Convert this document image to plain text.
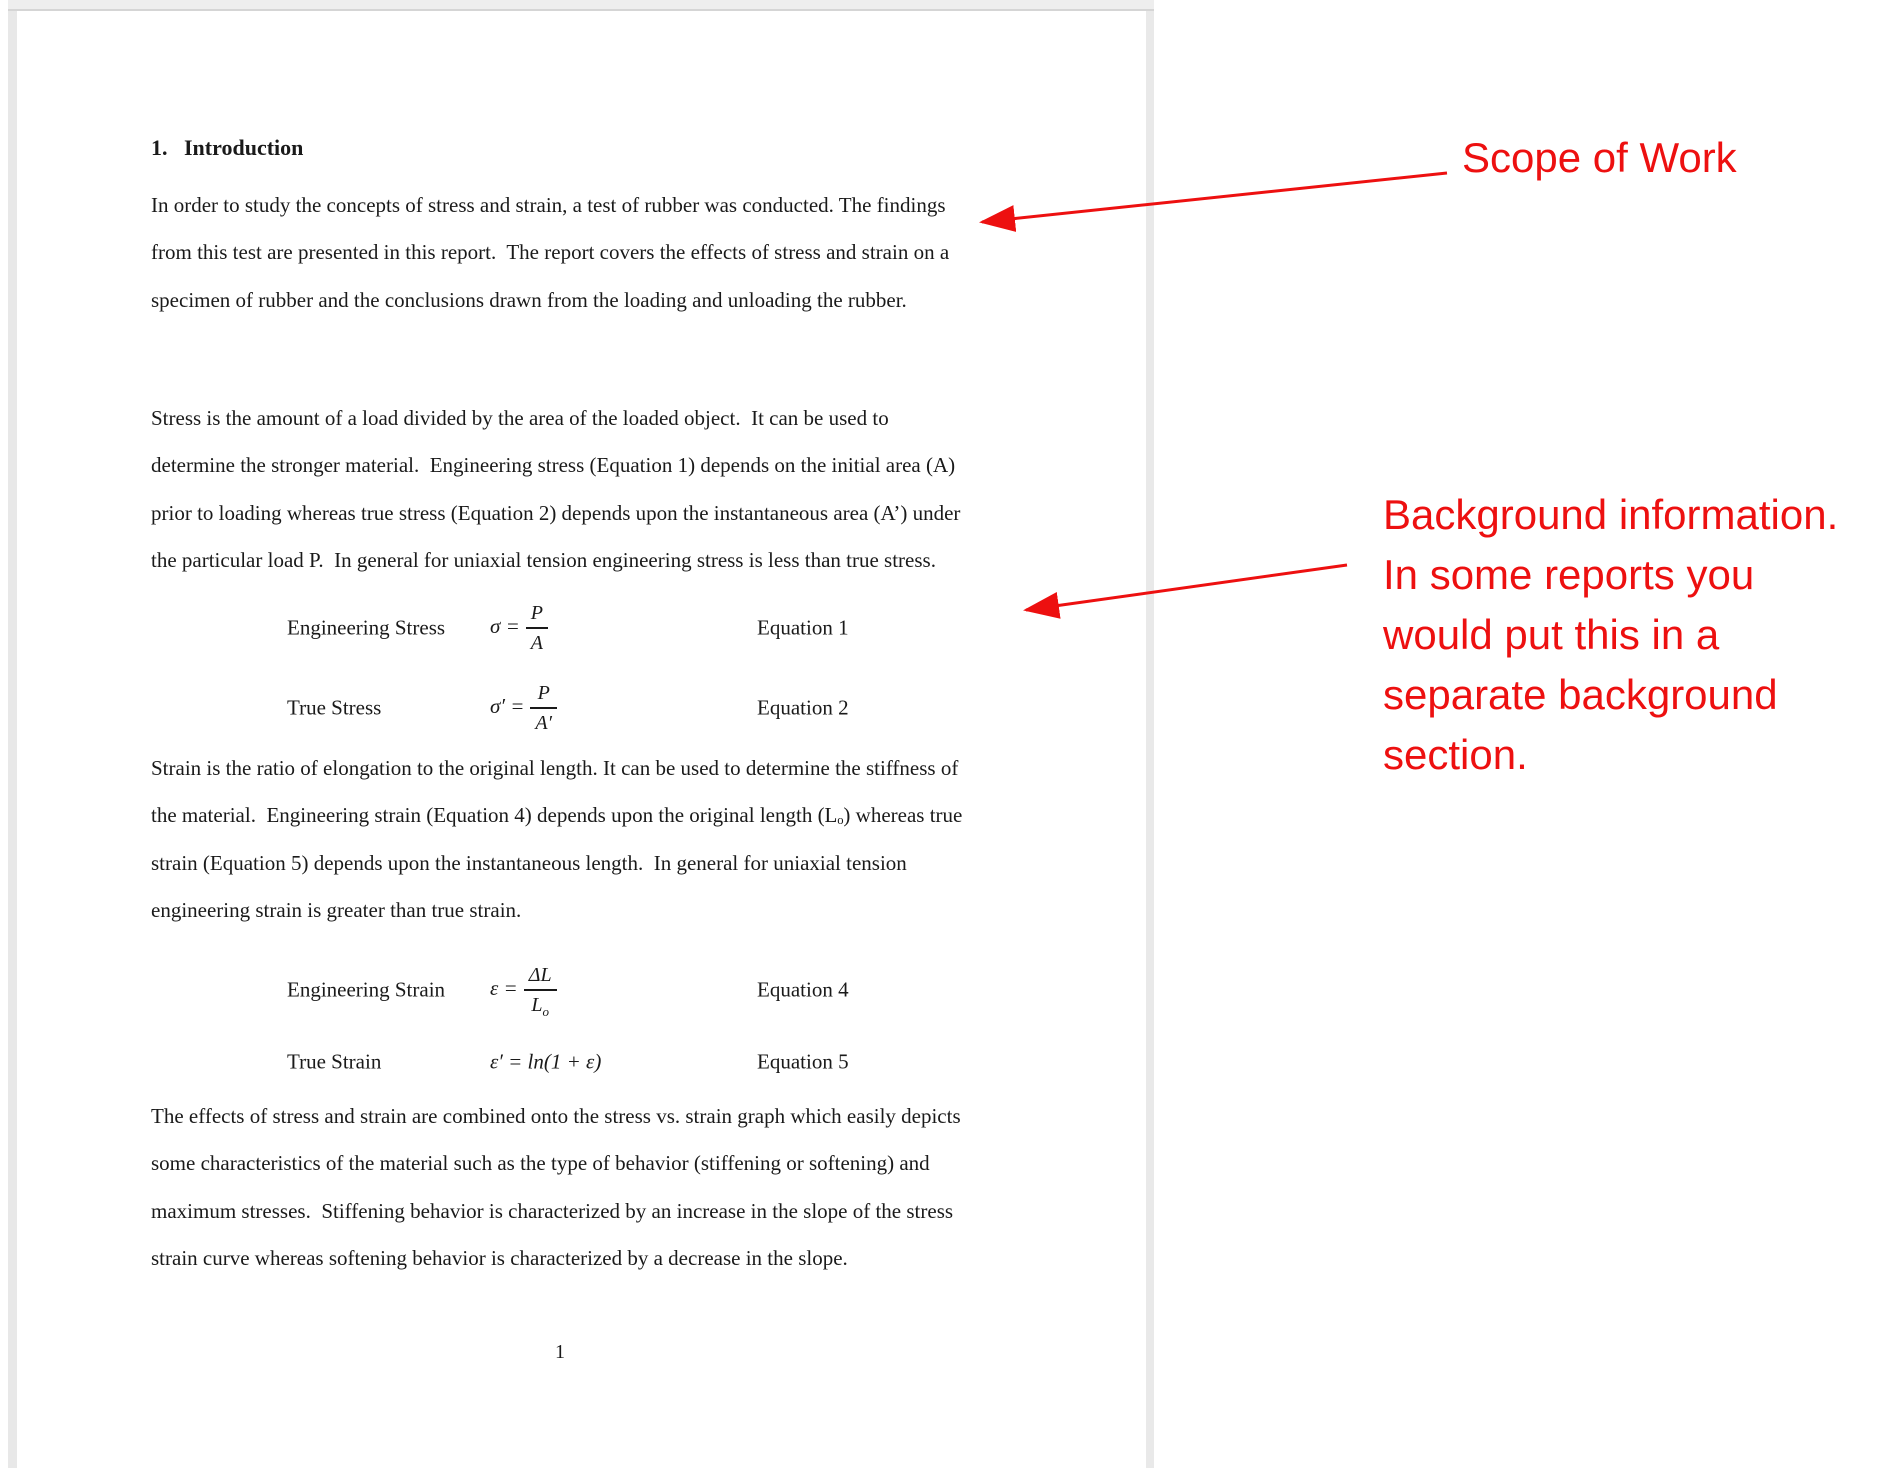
1.   Introduction
In order to study the concepts of stress and strain, a test of rubber was conducted. The findings
from this test are presented in this report.  The report covers the effects of stress and strain on a
specimen of rubber and the conclusions drawn from the loading and unloading the rubber.
Stress is the amount of a load divided by the area of the loaded object.  It can be used to
determine the stronger material.  Engineering stress (Equation 1) depends on the initial area (A)
prior to loading whereas true stress (Equation 2) depends upon the instantaneous area (A’) under
the particular load P.  In general for uniaxial tension engineering stress is less than true stress.
Engineering Stress $\sigma = \frac{P}{A}$	Equation 1
True Stress	$\sigma' = \frac{P}{A'}$	Equation 2
Strain is the ratio of elongation to the original length. It can be used to determine the stiffness of
the material.  Engineering strain (Equation 4) depends upon the original length (Lₒ) whereas true
strain (Equation 5) depends upon the instantaneous length.  In general for uniaxial tension
engineering strain is greater than true strain.
Engineering Strain $\varepsilon = \frac{\Delta L}{L_o}$	Equation 4
True Strain	ε′ = ln(1 + ε)	Equation 5
The effects of stress and strain are combined onto the stress vs. strain graph which easily depicts
some characteristics of the material such as the type of behavior (stiffening or softening) and
maximum stresses.  Stiffening behavior is characterized by an increase in the slope of the stress
strain curve whereas softening behavior is characterized by a decrease in the slope.
1
Scope of Work
Background information.
In some reports you
would put this in a
separate background
section.
